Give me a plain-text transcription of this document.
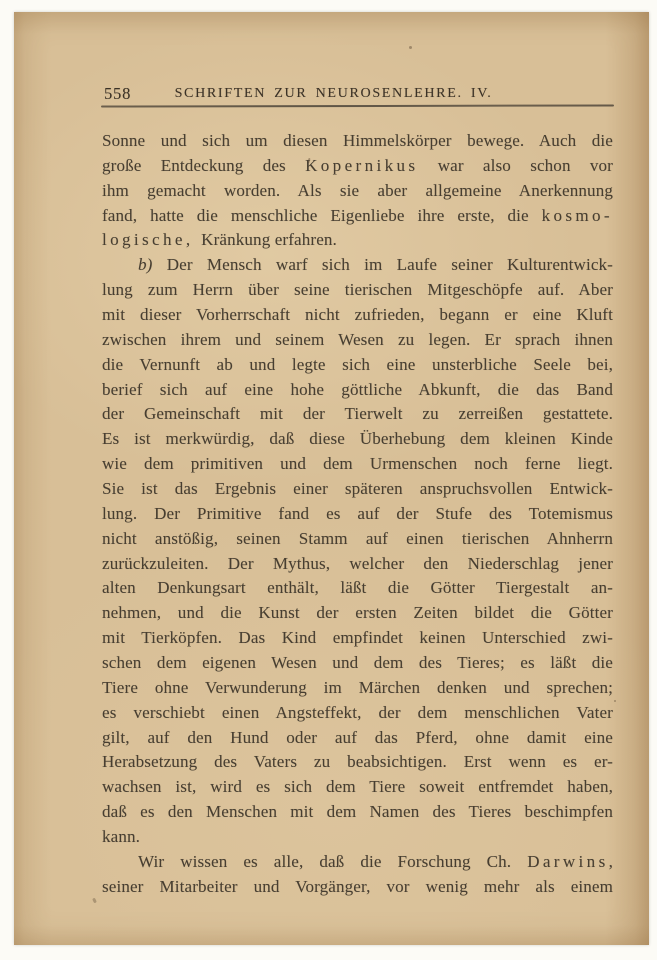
558	SCHRIFTEN ZUR NEUROSENLEHRE. IV.
Sonne und sich um diesen Himmelskörper bewege. Auch die
große Entdeckung des Kopernikus war also schon vor
ihm gemacht worden. Als sie aber allgemeine Anerkennung
fand, hatte die menschliche Eigenliebe ihre erste, die kosmo-
logische, Kränkung erfahren.
b) Der Mensch warf sich im Laufe seiner Kulturentwick-
lung zum Herrn über seine tierischen Mitgeschöpfe auf. Aber
mit dieser Vorherrschaft nicht zufrieden, begann er eine Kluft
zwischen ihrem und seinem Wesen zu legen. Er sprach ihnen
die Vernunft ab und legte sich eine unsterbliche Seele bei,
berief sich auf eine hohe göttliche Abkunft, die das Band
der Gemeinschaft mit der Tierwelt zu zerreißen gestattete.
Es ist merkwürdig, daß diese Überhebung dem kleinen Kinde
wie dem primitiven und dem Urmenschen noch ferne liegt.
Sie ist das Ergebnis einer späteren anspruchsvollen Entwick-
lung. Der Primitive fand es auf der Stufe des Totemismus
nicht anstößig, seinen Stamm auf einen tierischen Ahnherrn
zurückzuleiten. Der Mythus, welcher den Niederschlag jener
alten Denkungsart enthält, läßt die Götter Tiergestalt an-
nehmen, und die Kunst der ersten Zeiten bildet die Götter
mit Tierköpfen. Das Kind empfindet keinen Unterschied zwi-
schen dem eigenen Wesen und dem des Tieres; es läßt die
Tiere ohne Verwunderung im Märchen denken und sprechen;
es verschiebt einen Angsteffekt, der dem menschlichen Vater
gilt, auf den Hund oder auf das Pferd, ohne damit eine
Herabsetzung des Vaters zu beabsichtigen. Erst wenn es er-
wachsen ist, wird es sich dem Tiere soweit entfremdet haben,
daß es den Menschen mit dem Namen des Tieres beschimpfen
kann.
Wir wissen es alle, daß die Forschung Ch. Darwins,
seiner Mitarbeiter und Vorgänger, vor wenig mehr als einem
